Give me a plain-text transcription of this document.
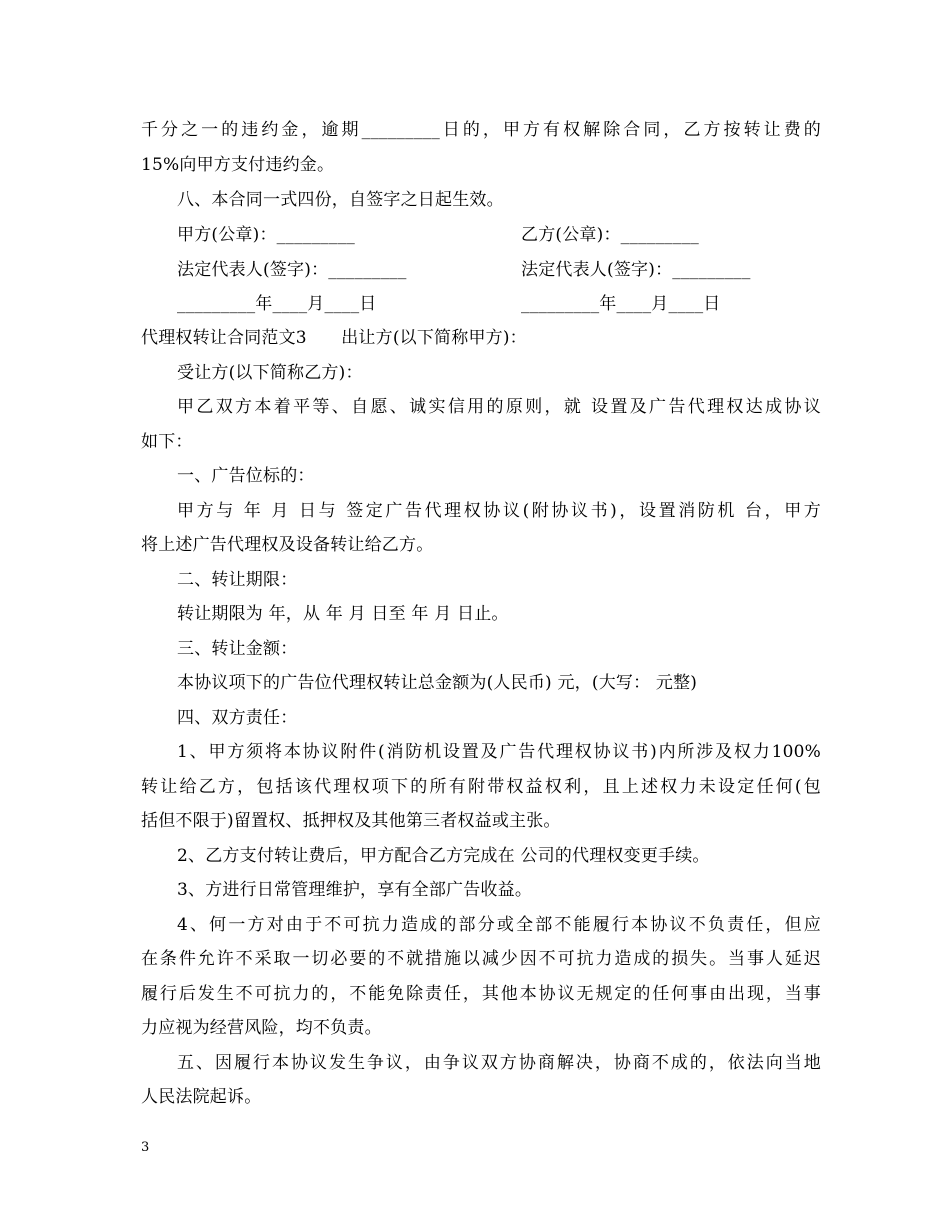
千分之一的违约金，逾期_________日的，甲方有权解除合同，乙方按转让费的
15%向甲方支付违约金。
八、本合同一式四份，自签字之日起生效。
甲方(公章)：_________	乙方(公章)：_________
法定代表人(签字)：_________	法定代表人(签字)：_________
_________年____月____日	_________年____月____日
代理权转让合同范文3　　出让方(以下简称甲方)：
受让方(以下简称乙方)：
甲乙双方本着平等、自愿、诚实信用的原则，就 设置及广告代理权达成协议
如下：
一、广告位标的：
甲方与 年 月 日与 签定广告代理权协议(附协议书)，设置消防机 台，甲方
将上述广告代理权及设备转让给乙方。
二、转让期限：
转让期限为 年，从 年 月 日至 年 月 日止。
三、转让金额：
本协议项下的广告位代理权转让总金额为(人民币) 元，(大写： 元整)
四、双方责任：
1、甲方须将本协议附件(消防机设置及广告代理权协议书)内所涉及权力100%
转让给乙方，包括该代理权项下的所有附带权益权利，且上述权力未设定任何(包
括但不限于)留置权、抵押权及其他第三者权益或主张。
2、乙方支付转让费后，甲方配合乙方完成在 公司的代理权变更手续。
3、方进行日常管理维护，享有全部广告收益。
4、何一方对由于不可抗力造成的部分或全部不能履行本协议不负责任，但应
在条件允许不采取一切必要的不就措施以减少因不可抗力造成的损失。当事人延迟
履行后发生不可抗力的，不能免除责任，其他本协议无规定的任何事由出现，当事
力应视为经营风险，均不负责。
五、因履行本协议发生争议，由争议双方协商解决，协商不成的，依法向当地
人民法院起诉。
3
